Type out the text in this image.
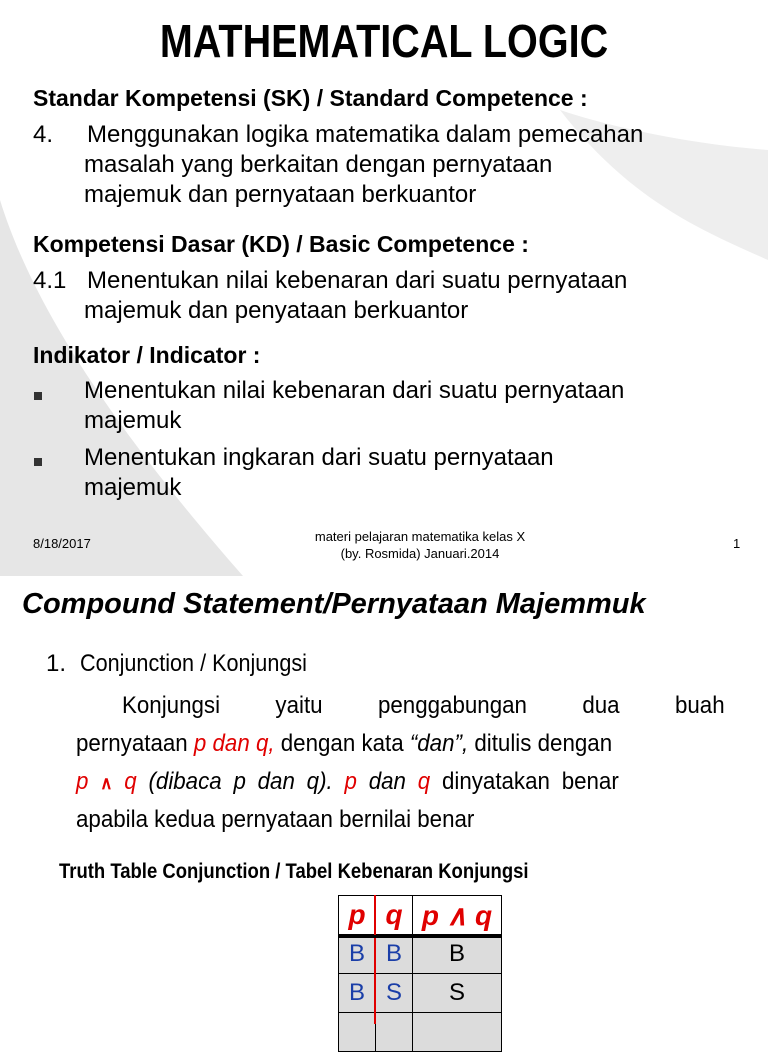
MATHEMATICAL LOGIC
Standar Kompetensi (SK) / Standard Competence :
4. Menggunakan logika matematika dalam pemecahan
masalah yang berkaitan dengan pernyataan
majemuk dan pernyataan berkuantor
Kompetensi Dasar (KD) / Basic Competence :
4.1 Menentukan nilai kebenaran dari suatu pernyataan
majemuk dan penyataan berkuantor
Indikator / Indicator :
Menentukan nilai kebenaran dari suatu pernyataan
majemuk
Menentukan ingkaran dari suatu pernyataan
majemuk
8/18/2017	materi pelajaran matematika kelas X
(by. Rosmida) Januari.2014
1
Compound Statement/Pernyataan Majemmuk
1. Conjunction / Konjungsi
Konjungsi yaitu penggabungan dua buah
pernyataan p dan q, dengan kata “dan”, ditulis dengan
p ∧ q (dibaca p dan q). p dan q dinyatakan benar
apabila kedua pernyataan bernilai benar
Truth Table Conjunction / Tabel Kebenaran Konjungsi
p	q	p ∧ q
B	B	B
B	S	S
